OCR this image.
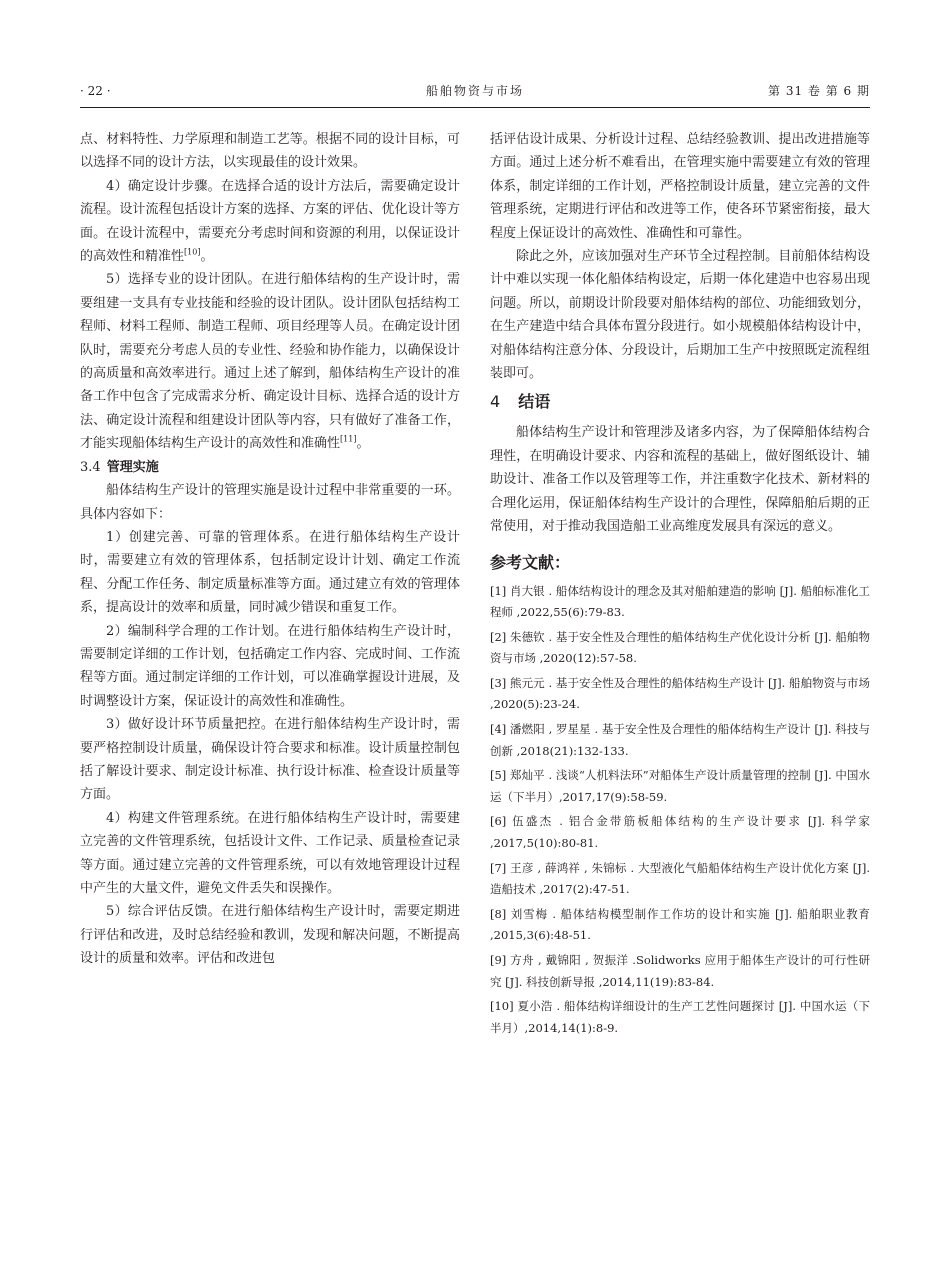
· 22 ·	船舶物资与市场	第 31 卷 第 6 期

点、材料特性、力学原理和制造工艺等。根据不同的设计目标，可以选择不同的设计方法，以实现最佳的设计效果。

4）确定设计步骤。在选择合适的设计方法后，需要确定设计流程。设计流程包括设计方案的选择、方案的评估、优化设计等方面。在设计流程中，需要充分考虑时间和资源的利用，以保证设计的高效性和精准性[10]。

5）选择专业的设计团队。在进行船体结构的生产设计时，需要组建一支具有专业技能和经验的设计团队。设计团队包括结构工程师、材料工程师、制造工程师、项目经理等人员。在确定设计团队时，需要充分考虑人员的专业性、经验和协作能力，以确保设计的高质量和高效率进行。通过上述了解到，船体结构生产设计的准备工作中包含了完成需求分析、确定设计目标、选择合适的设计方法、确定设计流程和组建设计团队等内容，只有做好了准备工作，才能实现船体结构生产设计的高效性和准确性[11]。

3.4 管理实施

船体结构生产设计的管理实施是设计过程中非常重要的一环。具体内容如下：

1）创建完善、可靠的管理体系。在进行船体结构生产设计时，需要建立有效的管理体系，包括制定设计计划、确定工作流程、分配工作任务、制定质量标准等方面。通过建立有效的管理体系，提高设计的效率和质量，同时减少错误和重复工作。

2）编制科学合理的工作计划。在进行船体结构生产设计时，需要制定详细的工作计划，包括确定工作内容、完成时间、工作流程等方面。通过制定详细的工作计划，可以准确掌握设计进展，及时调整设计方案，保证设计的高效性和准确性。

3）做好设计环节质量把控。在进行船体结构生产设计时，需要严格控制设计质量，确保设计符合要求和标准。设计质量控制包括了解设计要求、制定设计标准、执行设计标准、检查设计质量等方面。

4）构建文件管理系统。在进行船体结构生产设计时，需要建立完善的文件管理系统，包括设计文件、工作记录、质量检查记录等方面。通过建立完善的文件管理系统，可以有效地管理设计过程中产生的大量文件，避免文件丢失和误操作。

5）综合评估反馈。在进行船体结构生产设计时，需要定期进行评估和改进，及时总结经验和教训，发现和解决问题，不断提高设计的质量和效率。评估和改进包

括评估设计成果、分析设计过程、总结经验教训、提出改进措施等方面。通过上述分析不难看出，在管理实施中需要建立有效的管理体系，制定详细的工作计划，严格控制设计质量，建立完善的文件管理系统，定期进行评估和改进等工作，使各环节紧密衔接，最大程度上保证设计的高效性、准确性和可靠性。

除此之外，应该加强对生产环节全过程控制。目前船体结构设计中难以实现一体化船体结构设定，后期一体化建造中也容易出现问题。所以，前期设计阶段要对船体结构的部位、功能细致划分，在生产建造中结合具体布置分段进行。如小规模船体结构设计中，对船体结构注意分体、分段设计，后期加工生产中按照既定流程组装即可。

4 结语

船体结构生产设计和管理涉及诸多内容，为了保障船体结构合理性，在明确设计要求、内容和流程的基础上，做好图纸设计、辅助设计、准备工作以及管理等工作，并注重数字化技术、新材料的合理化运用，保证船体结构生产设计的合理性，保障船舶后期的正常使用，对于推动我国造船工业高维度发展具有深远的意义。

参考文献：
[1] 肖大银 . 船体结构设计的理念及其对船舶建造的影响 [J]. 船舶标准化工程师 ,2022,55(6):79-83.
[2] 朱德钦 . 基于安全性及合理性的船体结构生产优化设计分析 [J]. 船舶物资与市场 ,2020(12):57-58.
[3] 熊元元 . 基于安全性及合理性的船体结构生产设计 [J]. 船舶物资与市场 ,2020(5):23-24.
[4] 潘燃阳 , 罗星星 . 基于安全性及合理性的船体结构生产设计 [J]. 科技与创新 ,2018(21):132-133.
[5] 郑灿平 . 浅谈“人机料法环”对船体生产设计质量管理的控制 [J]. 中国水运（下半月）,2017,17(9):58-59.
[6] 伍盛杰 . 铝合金带筋板船体结构的生产设计要求 [J]. 科学家 ,2017,5(10):80-81.
[7] 王彦 , 薛鸿祥 , 朱锦标 . 大型液化气船船体结构生产设计优化方案 [J]. 造船技术 ,2017(2):47-51.
[8] 刘雪梅 . 船体结构模型制作工作坊的设计和实施 [J]. 船舶职业教育 ,2015,3(6):48-51.
[9] 方舟 , 戴锦阳 , 贺振洋 .Solidworks 应用于船体生产设计的可行性研究 [J]. 科技创新导报 ,2014,11(19):83-84.
[10] 夏小浩 . 船体结构详细设计的生产工艺性问题探讨 [J]. 中国水运（下半月）,2014,14(1):8-9.
